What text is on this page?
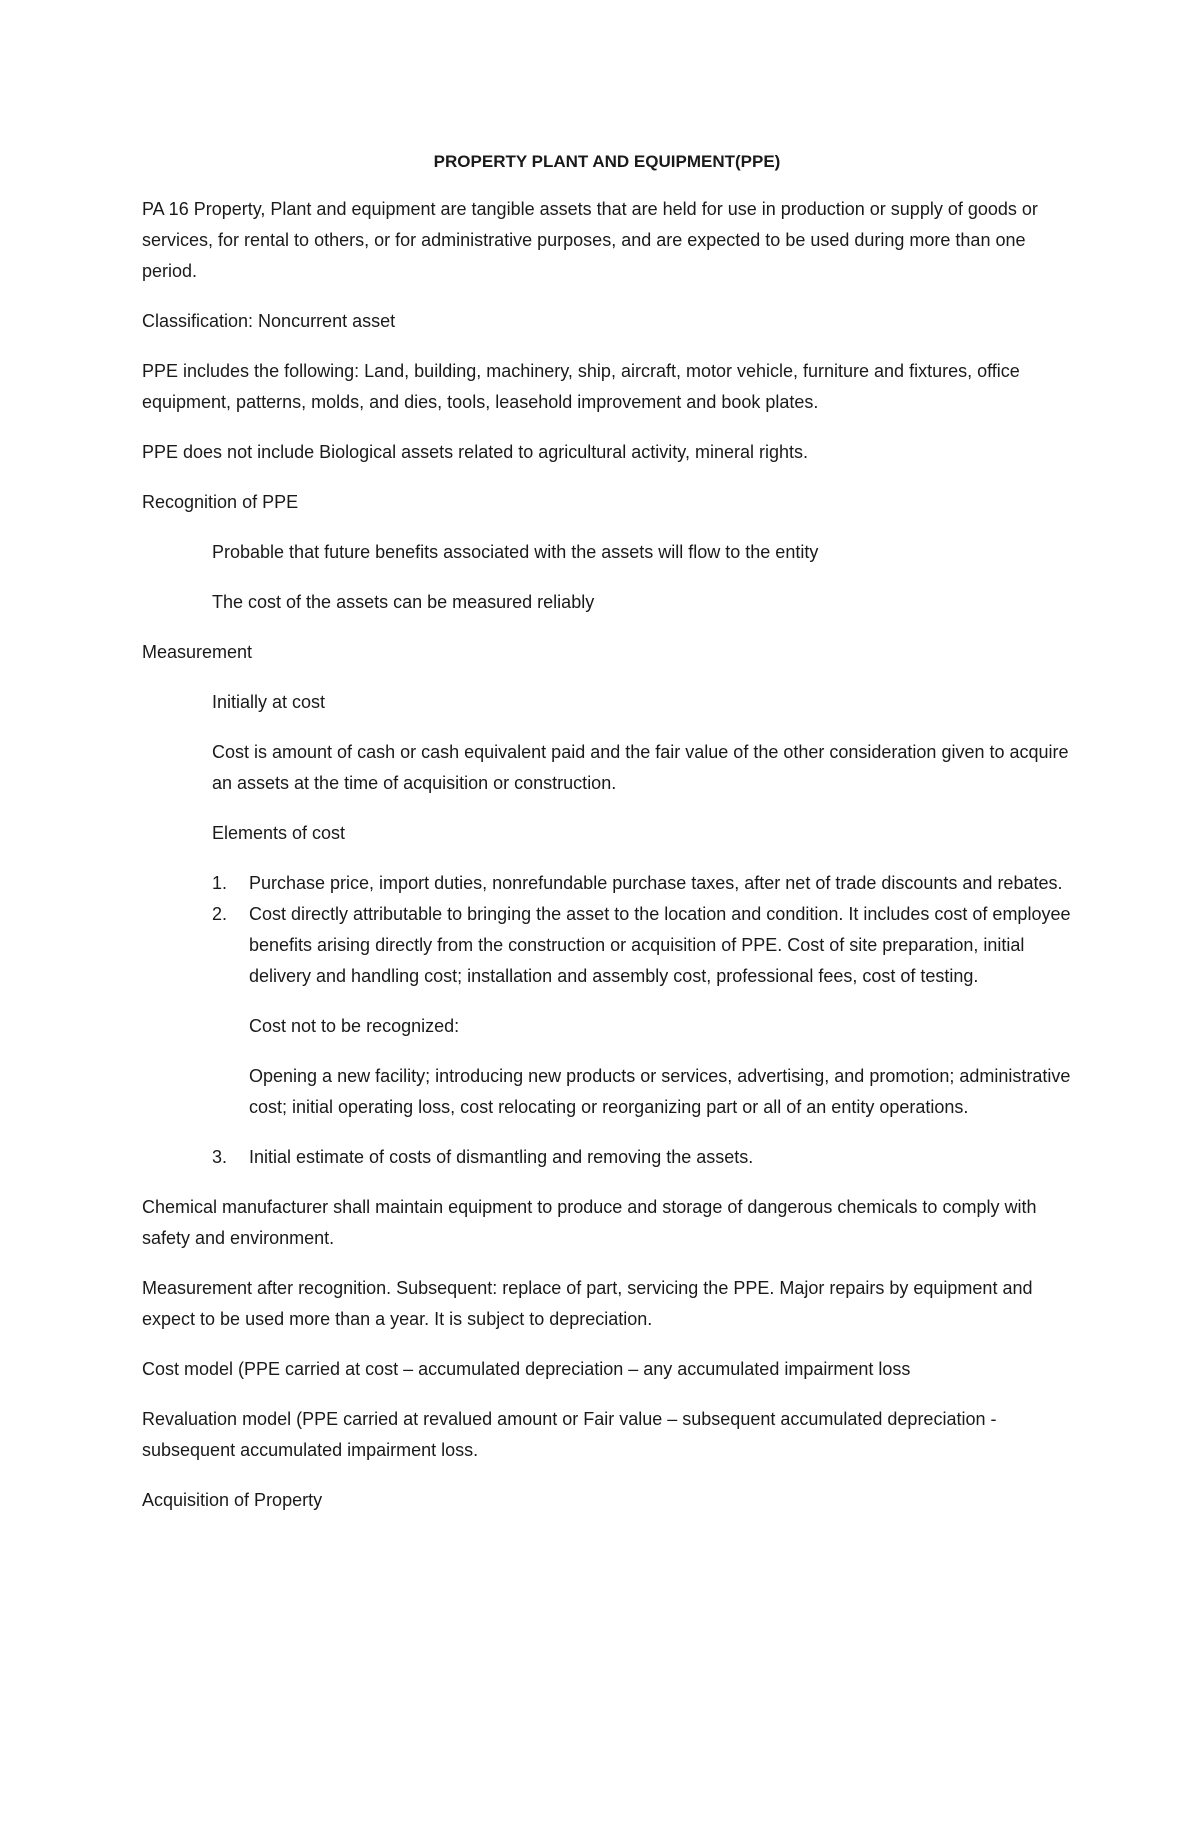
PROPERTY PLANT AND EQUIPMENT(PPE)

PA 16 Property, Plant and equipment are tangible assets that are held for use in production or supply of goods or services, for rental to others, or for administrative purposes, and are expected to be used during more than one period.

Classification: Noncurrent asset

PPE includes the following: Land, building, machinery, ship, aircraft, motor vehicle, furniture and fixtures, office equipment, patterns, molds, and dies, tools, leasehold improvement and book plates.

PPE does not include Biological assets related to agricultural activity, mineral rights.

Recognition of PPE

Probable that future benefits associated with the assets will flow to the entity

The cost of the assets can be measured reliably

Measurement

Initially at cost

Cost is amount of cash or cash equivalent paid and the fair value of the other consideration given to acquire an assets at the time of acquisition or construction.

Elements of cost

1. Purchase price, import duties, nonrefundable purchase taxes, after net of trade discounts and rebates.
2. Cost directly attributable to bringing the asset to the location and condition. It includes cost of employee benefits arising directly from the construction or acquisition of PPE. Cost of site preparation, initial delivery and handling cost; installation and assembly cost, professional fees, cost of testing.

Cost not to be recognized:

Opening a new facility; introducing new products or services, advertising, and promotion; administrative cost; initial operating loss, cost relocating or reorganizing part or all of an entity operations.

3. Initial estimate of costs of dismantling and removing the assets.

Chemical manufacturer shall maintain equipment to produce and storage of dangerous chemicals to comply with safety and environment.

Measurement after recognition. Subsequent: replace of part, servicing the PPE. Major repairs by equipment and expect to be used more than a year. It is subject to depreciation.

Cost model (PPE carried at cost – accumulated depreciation – any accumulated impairment loss

Revaluation model (PPE carried at revalued amount or Fair value – subsequent accumulated depreciation - subsequent accumulated impairment loss.

Acquisition of Property
